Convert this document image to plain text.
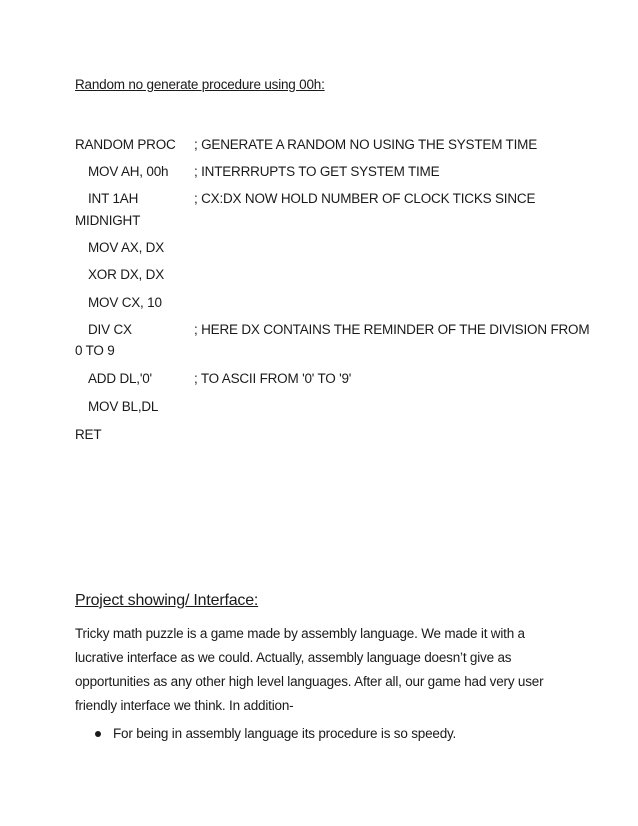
Random no generate procedure using 00h:
RANDOM PROC ; GENERATE A RANDOM NO USING THE SYSTEM TIME
MOV AH, 00h ; INTERRRUPTS TO GET SYSTEM TIME
INT 1AH	; CX:DX NOW HOLD NUMBER OF CLOCK TICKS SINCE
MIDNIGHT
MOV AX, DX
XOR DX, DX
MOV CX, 10
DIV CX	; HERE DX CONTAINS THE REMINDER OF THE DIVISION FROM
0 TO 9
ADD DL,'0'	; TO ASCII FROM '0' TO '9'
MOV BL,DL
RET
Project showing/ Interface:
Tricky math puzzle is a game made by assembly language. We made it with a
lucrative interface as we could. Actually, assembly language doesn’t give as
opportunities as any other high level languages. After all, our game had very user
friendly interface we think. In addition-
For being in assembly language its procedure is so speedy.
